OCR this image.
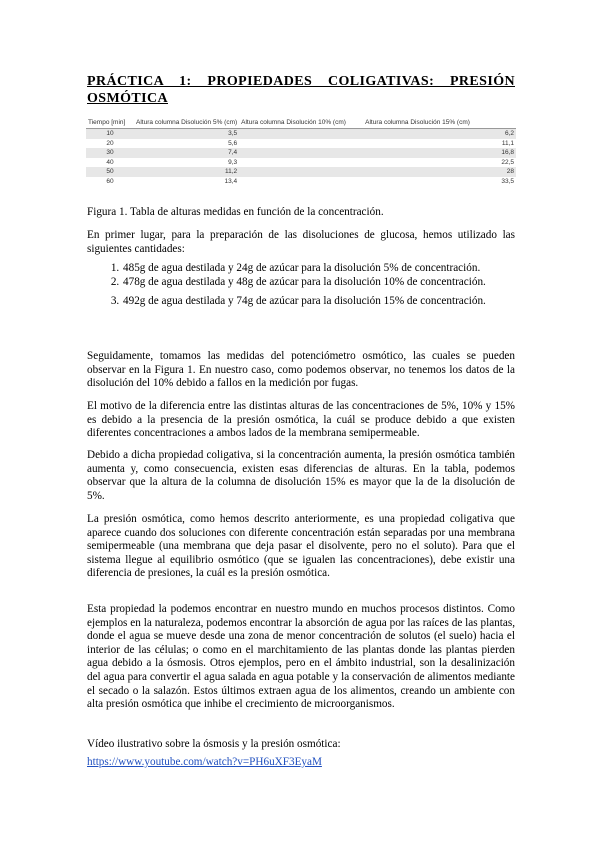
PRÁCTICA 1: PROPIEDADES COLIGATIVAS: PRESIÓN
OSMÓTICA
Tiempo [min]	Altura columna Disolución 5% (cm)	Altura columna Disolución 10% (cm)	Altura columna Disolución 15% (cm)
10	3,5		6,2
20	5,6		11,1
30	7,4		16,8
40	9,3		22,5
50	11,2		28
60	13,4		33,5
Figura 1. Tabla de alturas medidas en función de la concentración.
En primer lugar, para la preparación de las disoluciones de glucosa, hemos utilizado las siguientes cantidades:
1. 485g de agua destilada y 24g de azúcar para la disolución 5% de concentración.
2. 478g de agua destilada y 48g de azúcar para la disolución 10% de concentración.
3. 492g de agua destilada y 74g de azúcar para la disolución 15% de concentración.
Seguidamente, tomamos las medidas del potenciómetro osmótico, las cuales se pueden observar en la Figura 1. En nuestro caso, como podemos observar, no tenemos los datos de la disolución del 10% debido a fallos en la medición por fugas.
El motivo de la diferencia entre las distintas alturas de las concentraciones de 5%, 10% y 15% es debido a la presencia de la presión osmótica, la cuál se produce debido a que existen diferentes concentraciones a ambos lados de la membrana semipermeable.
Debido a dicha propiedad coligativa, si la concentración aumenta, la presión osmótica también aumenta y, como consecuencia, existen esas diferencias de alturas. En la tabla, podemos observar que la altura de la columna de disolución 15% es mayor que la de la disolución de 5%.
La presión osmótica, como hemos descrito anteriormente, es una propiedad coligativa que aparece cuando dos soluciones con diferente concentración están separadas por una membrana semipermeable (una membrana que deja pasar el disolvente, pero no el soluto). Para que el sistema llegue al equilibrio osmótico (que se igualen las concentraciones), debe existir una diferencia de presiones, la cuál es la presión osmótica.
Esta propiedad la podemos encontrar en nuestro mundo en muchos procesos distintos. Como ejemplos en la naturaleza, podemos encontrar la absorción de agua por las raíces de las plantas, donde el agua se mueve desde una zona de menor concentración de solutos (el suelo) hacia el interior de las células; o como en el marchitamiento de las plantas donde las plantas pierden agua debido a la ósmosis. Otros ejemplos, pero en el ámbito industrial, son la desalinización del agua para convertir el agua salada en agua potable y la conservación de alimentos mediante el secado o la salazón. Estos últimos extraen agua de los alimentos, creando un ambiente con alta presión osmótica que inhibe el crecimiento de microorganismos.
Vídeo ilustrativo sobre la ósmosis y la presión osmótica:
https://www.youtube.com/watch?v=PH6uXF3EyaM
